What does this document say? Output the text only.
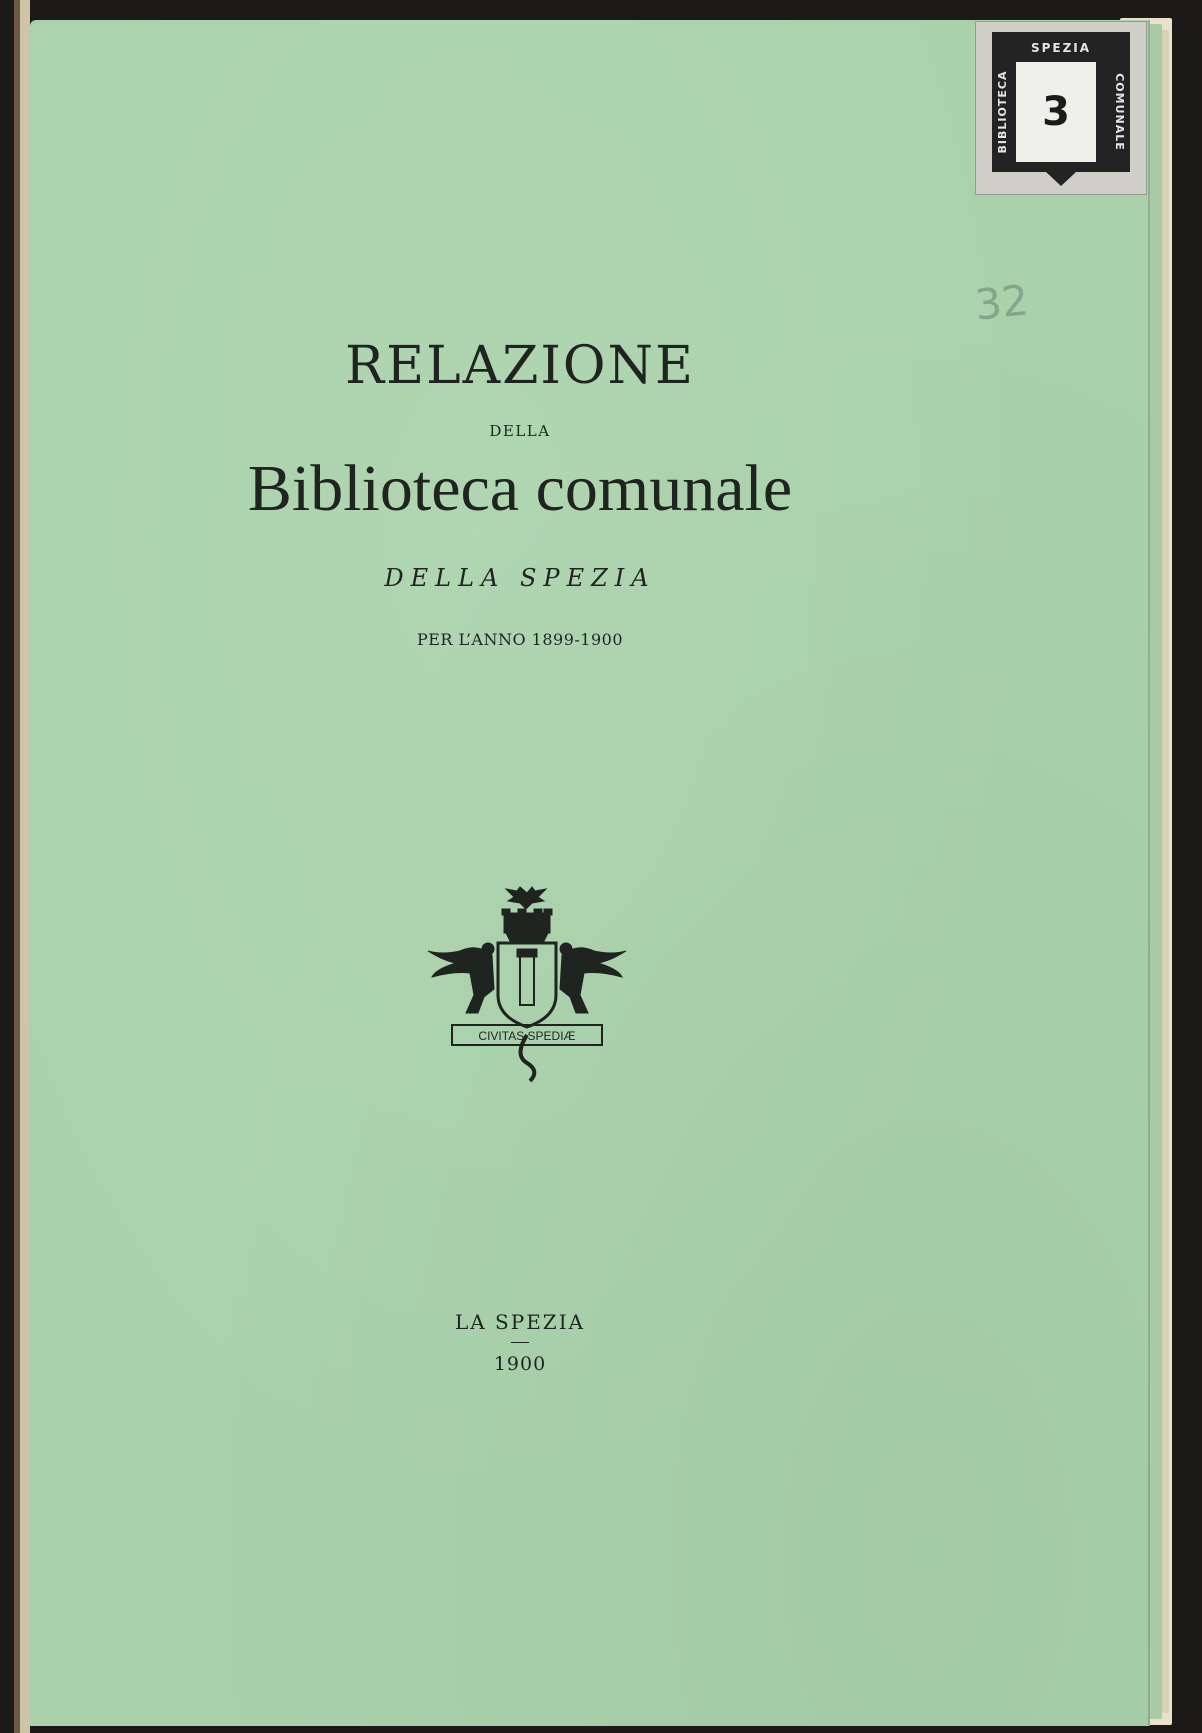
RELAZIONE
DELLA
Biblioteca comunale
DELLA SPEZIA
PER L’ANNO 1899-1900
CIVITAS SPEDIÆ
LA SPEZIA
1900
32
SPEZIA
BIBLIOTECA	COMUNALE
3
